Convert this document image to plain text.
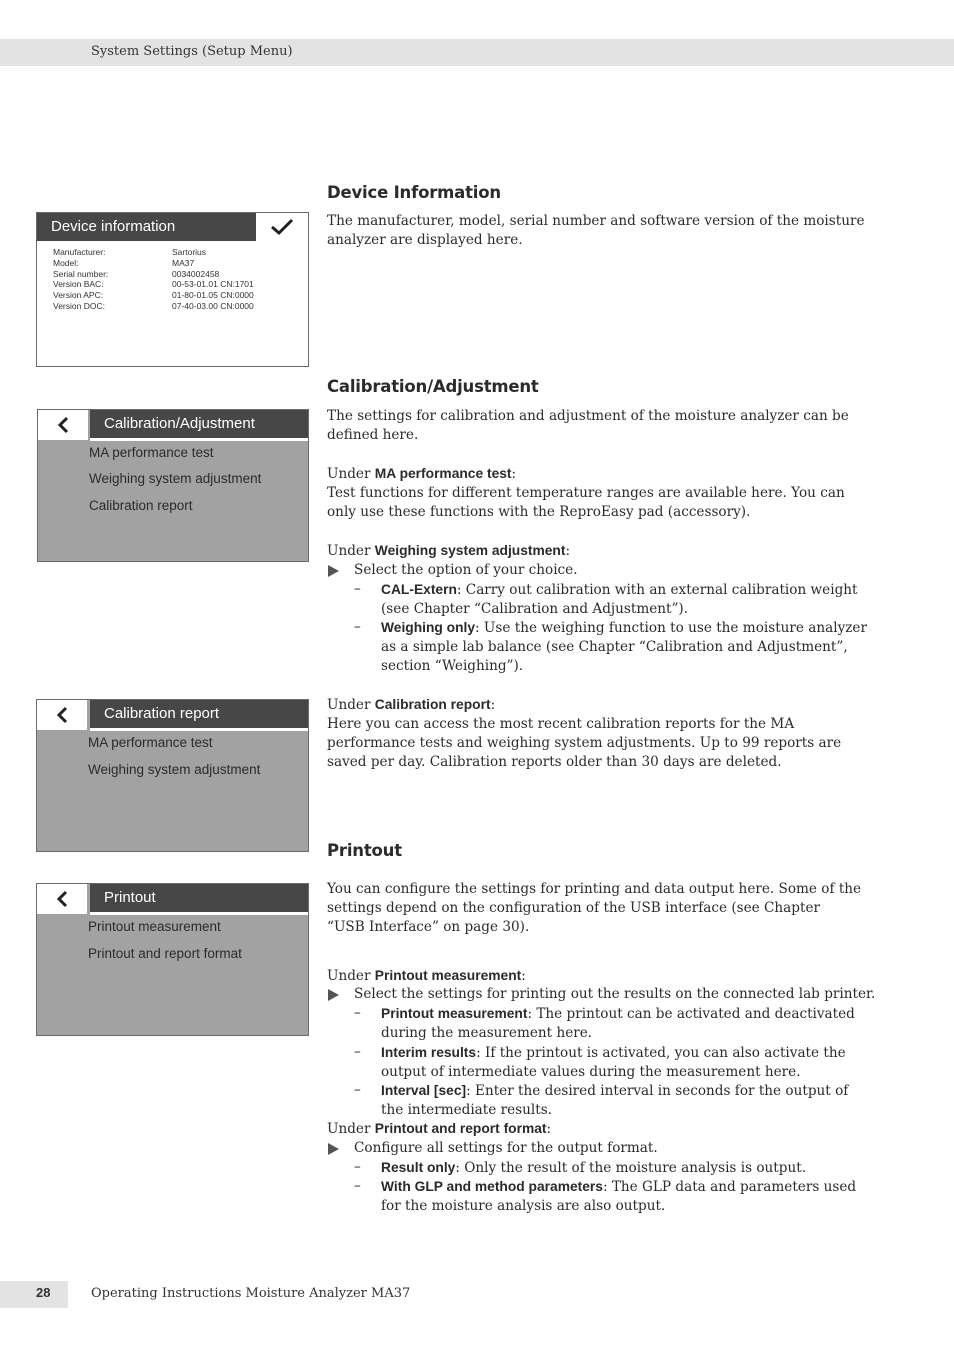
System Settings (Setup Menu)
Device information
Manufacturer:	Sartorius
Model:	MA37
Serial number:	0034002458
Version BAC:	00-53-01.01 CN:1701
Version APC:	01-80-01.05 CN:0000
Version DOC:	07-40-03.00 CN:0000
Calibration/Adjustment
MA performance test
Weighing system adjustment
Calibration report
Calibration report
MA performance test
Weighing system adjustment
Printout
Printout measurement
Printout and report format
Device Information
The manufacturer, model, serial number and software version of the moisture analyzer are displayed here.
Calibration/Adjustment
The settings for calibration and adjustment of the moisture analyzer can be defined here.
Under MA performance test:
Test functions for different temperature ranges are available here. You can only use these functions with the ReproEasy pad (accessory).
Under Weighing system adjustment:
Select the option of your choice.
– CAL-Extern: Carry out calibration with an external calibration weight (see Chapter “Calibration and Adjustment”).
– Weighing only: Use the weighing function to use the moisture analyzer as a simple lab balance (see Chapter “Calibration and Adjustment”, section “Weighing”).
Under Calibration report:
Here you can access the most recent calibration reports for the MA performance tests and weighing system adjustments. Up to 99 reports are saved per day. Calibration reports older than 30 days are deleted.
Printout
You can configure the settings for printing and data output here. Some of the settings depend on the configuration of the USB interface (see Chapter “USB Interface” on page 30).
Under Printout measurement:
Select the settings for printing out the results on the connected lab printer.
– Printout measurement: The printout can be activated and deactivated during the measurement here.
– Interim results: If the printout is activated, you can also activate the output of intermediate values during the measurement here.
– Interval [sec]: Enter the desired interval in seconds for the output of the intermediate results.
Under Printout and report format:
Configure all settings for the output format.
– Result only: Only the result of the moisture analysis is output.
– With GLP and method parameters: The GLP data and parameters used for the moisture analysis are also output.
28	Operating Instructions Moisture Analyzer MA37
